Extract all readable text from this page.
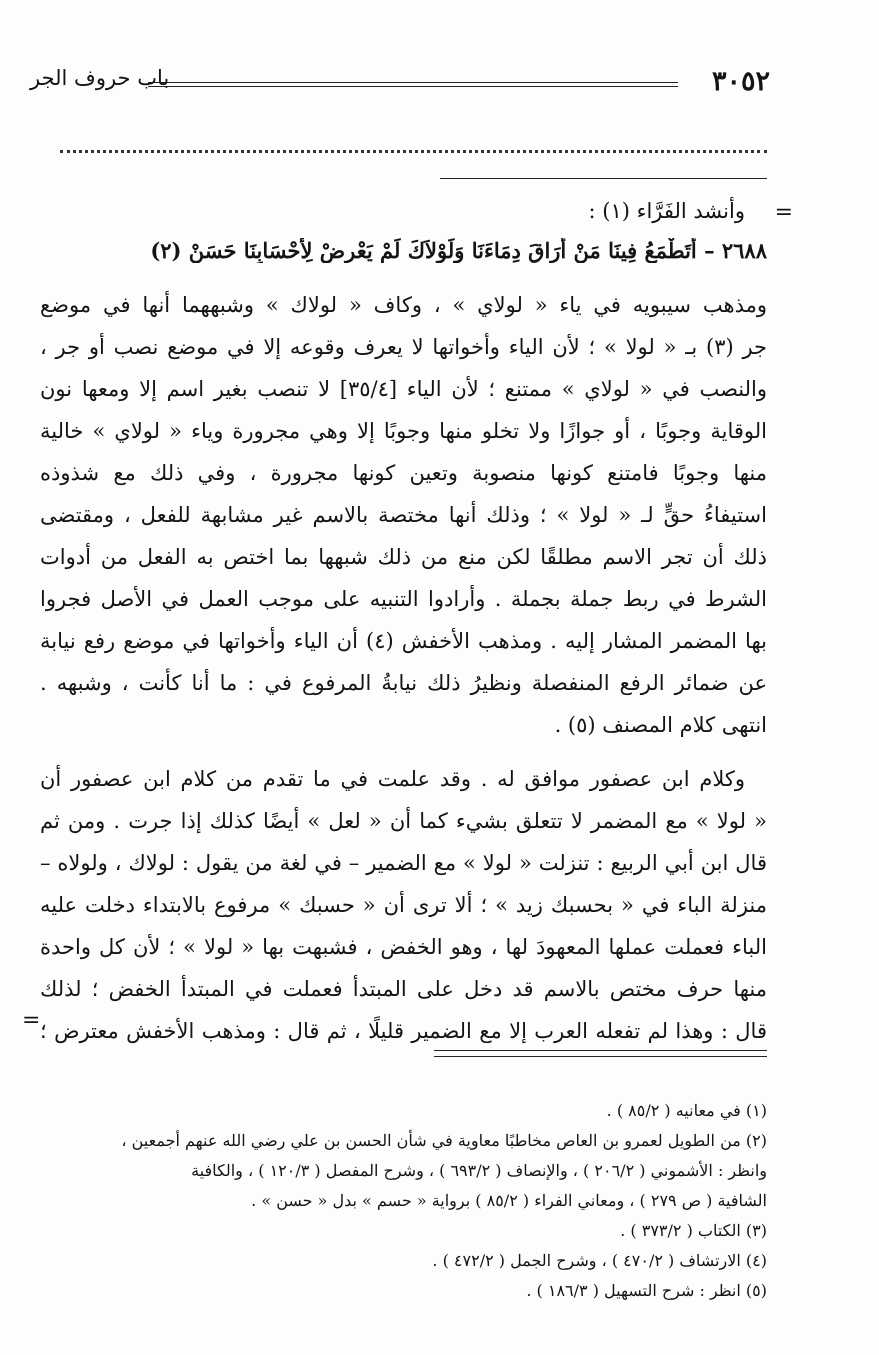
٣٠٥٢
باب حروف الجر
=
وأنشد الفَرَّاء (١) :
٢٦٨٨ – أَتَطْمَعُ فِينَا مَنْ أَرَاقَ دِمَاءَنَا وَلَوْلاَكَ لَمْ يَعْرِضْ لِأَحْسَابِنَا حَسَنْ (٢)
ومذهب سيبويه في ياء « لولاي » ، وكاف « لولاك » وشبههما أنها في موضع
جر (٣) بـ « لولا » ؛ لأن الياء وأخواتها لا يعرف وقوعه إلا في موضع نصب أو جر ،
والنصب في « لولاي » ممتنع ؛ لأن الياء [٣٥/٤] لا تنصب بغير اسم إلا ومعها نون
الوقاية وجوبًا ، أو جوازًا ولا تخلو منها وجوبًا إلا وهي مجرورة وياء « لولاي » خالية
منها وجوبًا فامتنع كونها منصوبة وتعين كونها مجرورة ، وفي ذلك مع شذوذه
استيفاءُ حقٍّ لـ « لولا » ؛ وذلك أنها مختصة بالاسم غير مشابهة للفعل ، ومقتضى
ذلك أن تجر الاسم مطلقًا لكن منع من ذلك شبهها بما اختص به الفعل من أدوات
الشرط في ربط جملة بجملة . وأرادوا التنبيه على موجب العمل في الأصل فجروا
بها المضمر المشار إليه . ومذهب الأخفش (٤) أن الياء وأخواتها في موضع رفع نيابة
عن ضمائر الرفع المنفصلة ونظيرُ ذلك نيابةُ المرفوع في : ما أنا كأنت ، وشبهه .
انتهى كلام المصنف (٥) .
وكلام ابن عصفور موافق له . وقد علمت في ما تقدم من كلام ابن عصفور أن
« لولا » مع المضمر لا تتعلق بشيء كما أن « لعل » أيضًا كذلك إذا جرت . ومن ثم
قال ابن أبي الربيع : تنزلت « لولا » مع الضمير – في لغة من يقول : لولاك ، ولولاه –
منزلة الباء في « بحسبك زيد » ؛ ألا ترى أن « حسبك » مرفوع بالابتداء دخلت عليه
الباء فعملت عملها المعهودَ لها ، وهو الخفض ، فشبهت بها « لولا » ؛ لأن كل واحدة
منها حرف مختص بالاسم قد دخل على المبتدأ فعملت في المبتدأ الخفض ؛ لذلك
قال : وهذا لم تفعله العرب إلا مع الضمير قليلًا ، ثم قال : ومذهب الأخفش معترض ؛
=
(١) في معانيه ( ٨٥/٢ ) .
(٢) من الطويل لعمرو بن العاص مخاطبًا معاوية في شأن الحسن بن علي رضي الله عنهم أجمعين ،
وانظر : الأشموني ( ٢٠٦/٢ ) ، والإنصاف ( ٦٩٣/٢ ) ، وشرح المفصل ( ١٢٠/٣ ) ، والكافية
الشافية ( ص ٢٧٩ ) ، ومعاني الفراء ( ٨٥/٢ ) برواية « حسم » بدل « حسن » .
(٣) الكتاب ( ٣٧٣/٢ ) .
(٤) الارتشاف ( ٤٧٠/٢ ) ، وشرح الجمل ( ٤٧٢/٢ ) .
(٥) انظر : شرح التسهيل ( ١٨٦/٣ ) .
